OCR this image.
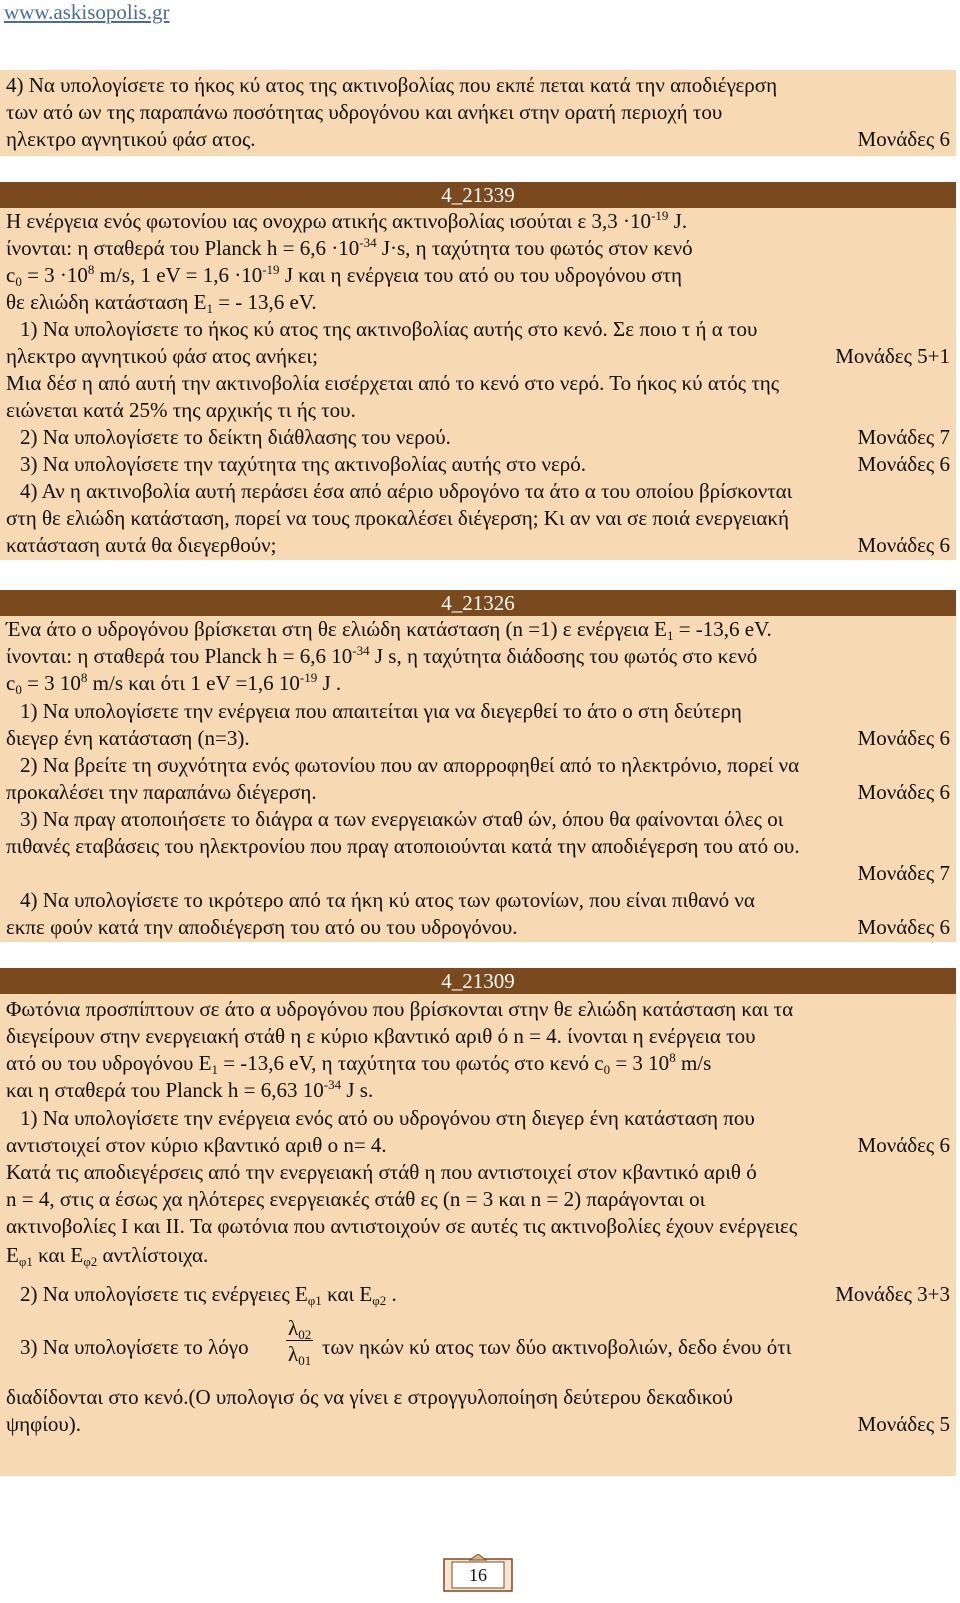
www.askisopolis.gr
4) Να υπολογίσετε το ήκος κύ ατος της ακτινοβολίας που εκπέ πεται κατά την αποδιέγερση
των ατό ων της παραπάνω ποσότητας υδρογόνου και ανήκει στην ορατή περιοχή του
ηλεκτρο αγνητικού φάσ ατος.	Μονάδες 6
4_21339
Η ενέργεια ενός φωτονίου ιας ονοχρω ατικής ακτινοβολίας ισούται ε $3,3 \cdot 10^{-19}$ J.
ίνονται: η σταθερά του Planck $h = 6,6 \cdot 10^{-34}$ J·s, η ταχύτητα του φωτός στον κενό
$c_0 = 3 \cdot 10^8$ m/s, 1 eV = $1,6 \cdot 10^{-19}$ J και η ενέργεια του ατό ου του υδρογόνου στη
θε ελιώδη κατάσταση $E_1$ = - 13,6 eV.
1) Να υπολογίσετε το ήκος κύ ατος της ακτινοβολίας αυτής στο κενό. Σε ποιο τ ή α του
ηλεκτρο αγνητικού φάσ ατος ανήκει;	Μονάδες 5+1
Μια δέσ η από αυτή την ακτινοβολία εισέρχεται από το κενό στο νερό. Το ήκος κύ ατός της
ειώνεται κατά 25% της αρχικής τι ής του.
2) Να υπολογίσετε το δείκτη διάθλασης του νερού.	Μονάδες 7
3) Να υπολογίσετε την ταχύτητα της ακτινοβολίας αυτής στο νερό.	Μονάδες 6
4) Αν η ακτινοβολία αυτή περάσει έσα από αέριο υδρογόνο τα άτο α του οποίου βρίσκονται
στη θε ελιώδη κατάσταση, πορεί να τους προκαλέσει διέγερση; Κι αν ναι σε ποιά ενεργειακή
κατάσταση αυτά θα διεγερθούν;	Μονάδες 6
4_21326
Ένα άτο ο υδρογόνου βρίσκεται στη θε ελιώδη κατάσταση (n =1) ε ενέργεια $E_1 = -13,6$ eV.
ίνονται: η σταθερά του Planck h = 6,6 $10^{-34}$ J s, η ταχύτητα διάδοσης του φωτός στο κενό
$c_0 = 3$ $10^8$ m/s και ότι 1 eV =1,6 $10^{-19}$ J .
1) Να υπολογίσετε την ενέργεια που απαιτείται για να διεγερθεί το άτο ο στη δεύτερη
διεγερ ένη κατάσταση (n=3).	Μονάδες 6
2) Να βρείτε τη συχνότητα ενός φωτονίου που αν απορροφηθεί από το ηλεκτρόνιο, πορεί να
προκαλέσει την παραπάνω διέγερση.	Μονάδες 6
3) Να πραγ ατοποιήσετε το διάγρα α των ενεργειακών σταθ ών, όπου θα φαίνονται όλες οι
πιθανές εταβάσεις του ηλεκτρονίου που πραγ ατοποιούνται κατά την αποδιέγερση του ατό ου.
Μονάδες 7
4) Να υπολογίσετε το ικρότερο από τα ήκη κύ ατος των φωτονίων, που είναι πιθανό να
εκπε φούν κατά την αποδιέγερση του ατό ου του υδρογόνου.	Μονάδες 6
4_21309
Φωτόνια προσπίπτουν σε άτο α υδρογόνου που βρίσκονται στην θε ελιώδη κατάσταση και τα
διεγείρουν στην ενεργειακή στάθ η ε κύριο κβαντικό αριθ ό n = 4. ίνονται η ενέργεια του
ατό ου του υδρογόνου $E_1 = -13,6$ eV, η ταχύτητα του φωτός στο κενό $c_0 = 3$ $10^8$ m/s
και η σταθερά του Planck h = 6,63 $10^{-34}$ J s.
1) Να υπολογίσετε την ενέργεια ενός ατό ου υδρογόνου στη διεγερ ένη κατάσταση που
αντιστοιχεί στον κύριο κβαντικό αριθ ο n= 4.	Μονάδες 6
Κατά τις αποδιεγέρσεις από την ενεργειακή στάθ η που αντιστοιχεί στον κβαντικό αριθ ό
n = 4, στις α έσως χα ηλότερες ενεργειακές στάθ ες (n = 3 και n = 2) παράγονται οι
ακτινοβολίες Ι και ΙΙ. Τα φωτόνια που αντιστοιχούν σε αυτές τις ακτινοβολίες έχουν ενέργειες
$E_{\varphi 1}$ και $E_{\varphi 2}$ αντλίστοιχα.
2) Να υπολογίσετε τις ενέργειες $E_{\varphi 1}$ και $E_{\varphi 2}$ .	Μονάδες 3+3
3) Να υπολογίσετε το λόγο	$\frac{\lambda_{02}}{\lambda_{01}}$ των ηκών κύ ατος των δύο ακτινοβολιών, δεδο ένου ότι
διαδίδονται στο κενό.(Ο υπολογισ ός να γίνει ε στρογγυλοποίηση δεύτερου δεκαδικού
ψηφίου).	Μονάδες 5
16
